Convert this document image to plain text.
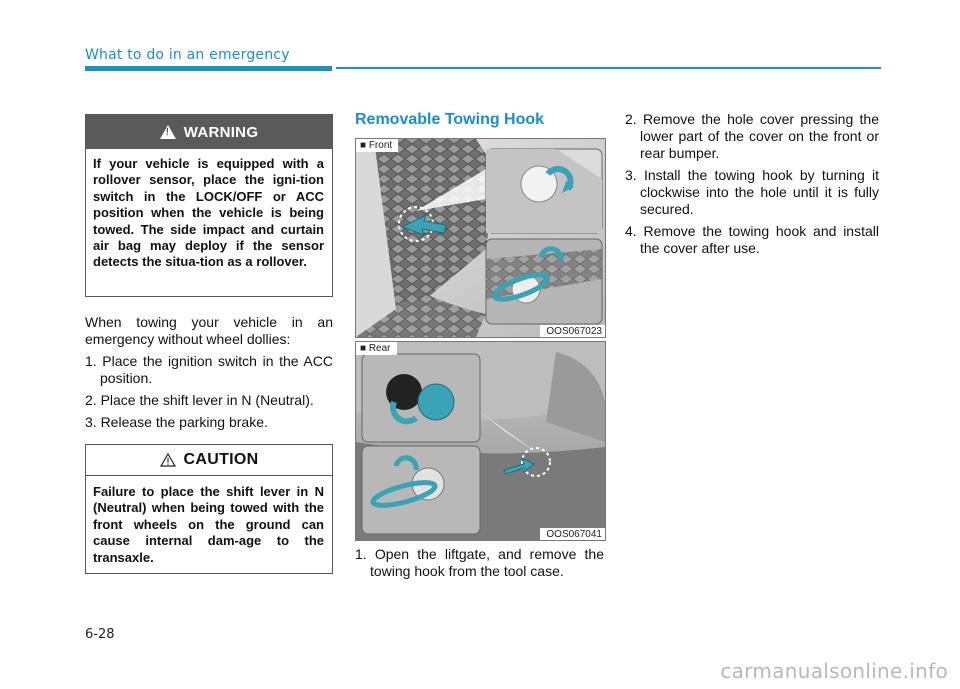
What to do in an emergency
!
WARNING
If your vehicle is equipped with a rollover sensor, place the igni-tion switch in the LOCK/OFF or ACC position when the vehicle is being towed. The side impact and curtain air bag may deploy if the sensor detects the situa-tion as a rollover.

When towing your vehicle in an emergency without wheel dollies:

1. Place the ignition switch in the ACC position.
2. Place the shift lever in N (Neutral).
3. Release the parking brake.
CAUTION
Failure to place the shift lever in N (Neutral) when being towed with the front wheels on the ground can cause internal dam-age to the transaxle.
Removable Towing Hook
■ Front
OOS067023
■ Rear
OOS067041
1. Open the liftgate, and remove the towing hook from the tool case.
2. Remove the hole cover pressing the lower part of the cover on the front or rear bumper.
3. Install the towing hook by turning it clockwise into the hole until it is fully secured.
4. Remove the towing hook and install the cover after use.
6-28
carmanualsonline.info
